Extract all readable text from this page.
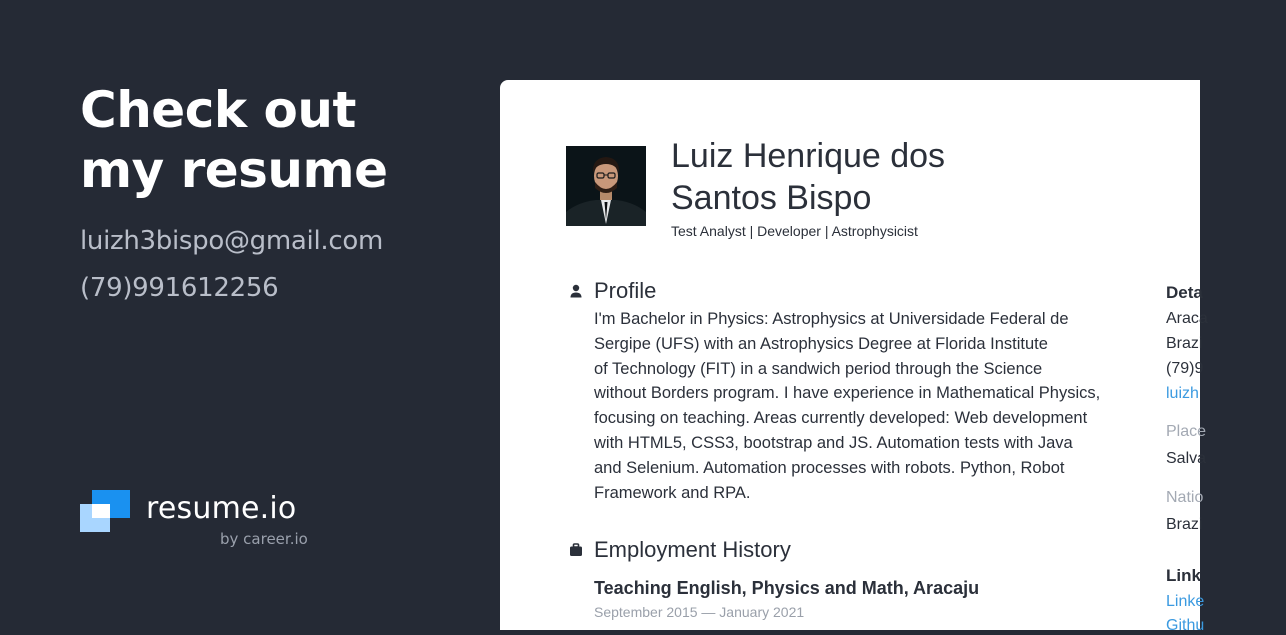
Check out
my resume
luizh3bispo@gmail.com
(79)991612256
resume.io
by career.io
Luiz Henrique dos
Santos Bispo
Test Analyst | Developer | Astrophysicist
Profile
I'm Bachelor in Physics: Astrophysics at Universidade Federal de
Sergipe (UFS) with an Astrophysics Degree at Florida Institute
of Technology (FIT) in a sandwich period through the Science
without Borders program. I have experience in Mathematical Physics,
focusing on teaching. Areas currently developed: Web development
with HTML5, CSS3, bootstrap and JS. Automation tests with Java
and Selenium. Automation processes with robots. Python, Robot
Framework and RPA.
Employment History
Teaching English, Physics and Math, Aracaju
September 2015 — January 2021
Deta
Araca
Brazi
(79)9
luizh
Place
Salva
Natio
Brazi
Link
Linke
Githu
